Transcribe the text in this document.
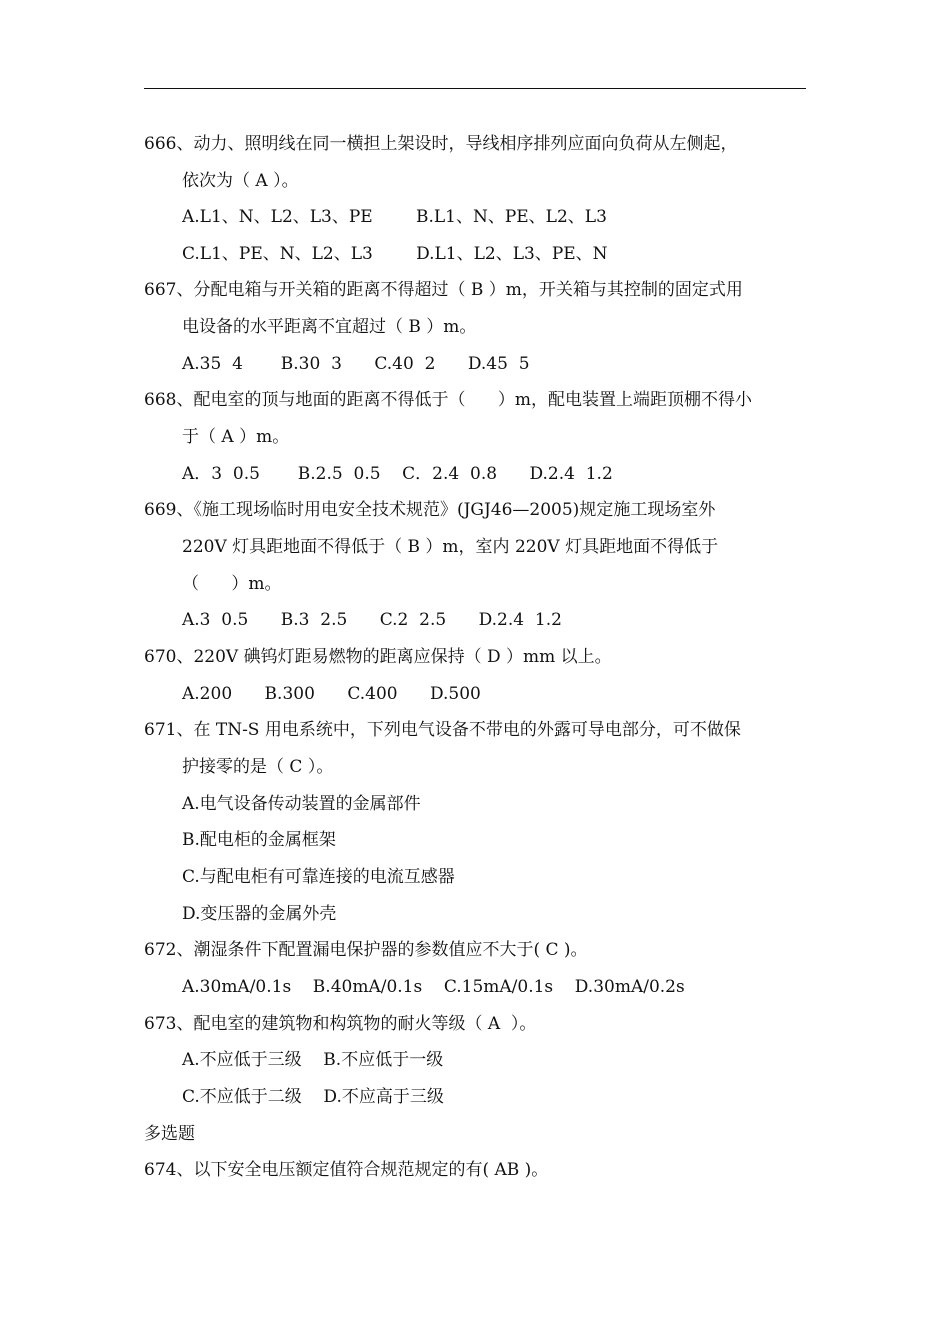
666、动力、照明线在同一横担上架设时，导线相序排列应面向负荷从左侧起，
依次为（ A ）。
A.L1、N、L2、L3、PE        B.L1、N、PE、L2、L3
C.L1、PE、N、L2、L3        D.L1、L2、L3、PE、N
667、分配电箱与开关箱的距离不得超过（ B ）m，开关箱与其控制的固定式用
电设备的水平距离不宜超过（ B ）m。
A.35  4       B.30  3      C.40  2      D.45  5
668、配电室的顶与地面的距离不得低于（      ）m，配电装置上端距顶棚不得小
于（ A ）m。
A．3  0.5       B.2.5  0.5    C．2.4  0.8      D.2.4  1.2
669、《施工现场临时用电安全技术规范》(JGJ46—2005)规定施工现场室外
220V 灯具距地面不得低于（ B ）m，室内 220V 灯具距地面不得低于
（      ）m。
A.3  0.5      B.3  2.5      C.2  2.5      D.2.4  1.2
670、220V 碘钨灯距易燃物的距离应保持（ D ）mm 以上。
A.200      B.300      C.400      D.500
671、在 TN-S 用电系统中，下列电气设备不带电的外露可导电部分，可不做保
护接零的是（ C ）。
A.电气设备传动装置的金属部件
B.配电柜的金属框架
C.与配电柜有可靠连接的电流互感器
D.变压器的金属外壳
672、潮湿条件下配置漏电保护器的参数值应不大于( C )。
A.30mA/0.1s    B.40mA/0.1s    C.15mA/0.1s    D.30mA/0.2s
673、配电室的建筑物和构筑物的耐火等级（ A  ）。
A.不应低于三级    B.不应低于一级
C.不应低于二级    D.不应高于三级
多选题
674、以下安全电压额定值符合规范规定的有( AB )。
